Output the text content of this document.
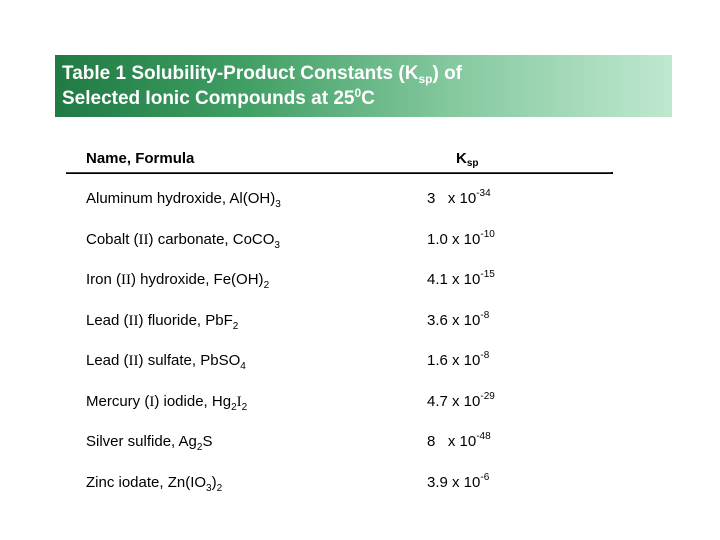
Table 1 Solubility-Product Constants $(K_{sp})$ of
Selected Ionic Compounds at $25^0C$
Name, Formula	$K_{sp}$
Aluminum hydroxide, $Al(OH)_3$	3   x $10^{-34}$
Cobalt (II) carbonate, CoCO$_3$	1.0 x $10^{-10}$
Iron (II) hydroxide, $Fe(OH)_2$	4.1 x $10^{-15}$
Lead (II) fluoride, PbF$_2$	3.6 x $10^{-8}$
Lead (II) sulfate, PbSO$_4$	1.6 x $10^{-8}$
Mercury (I) iodide, $Hg_2I_2$	4.7 x $10^{-29}$
Silver sulfide, $Ag_2S$	8   x $10^{-48}$
Zinc iodate, $Zn(IO_3)_2$	3.9 x $10^{-6}$
